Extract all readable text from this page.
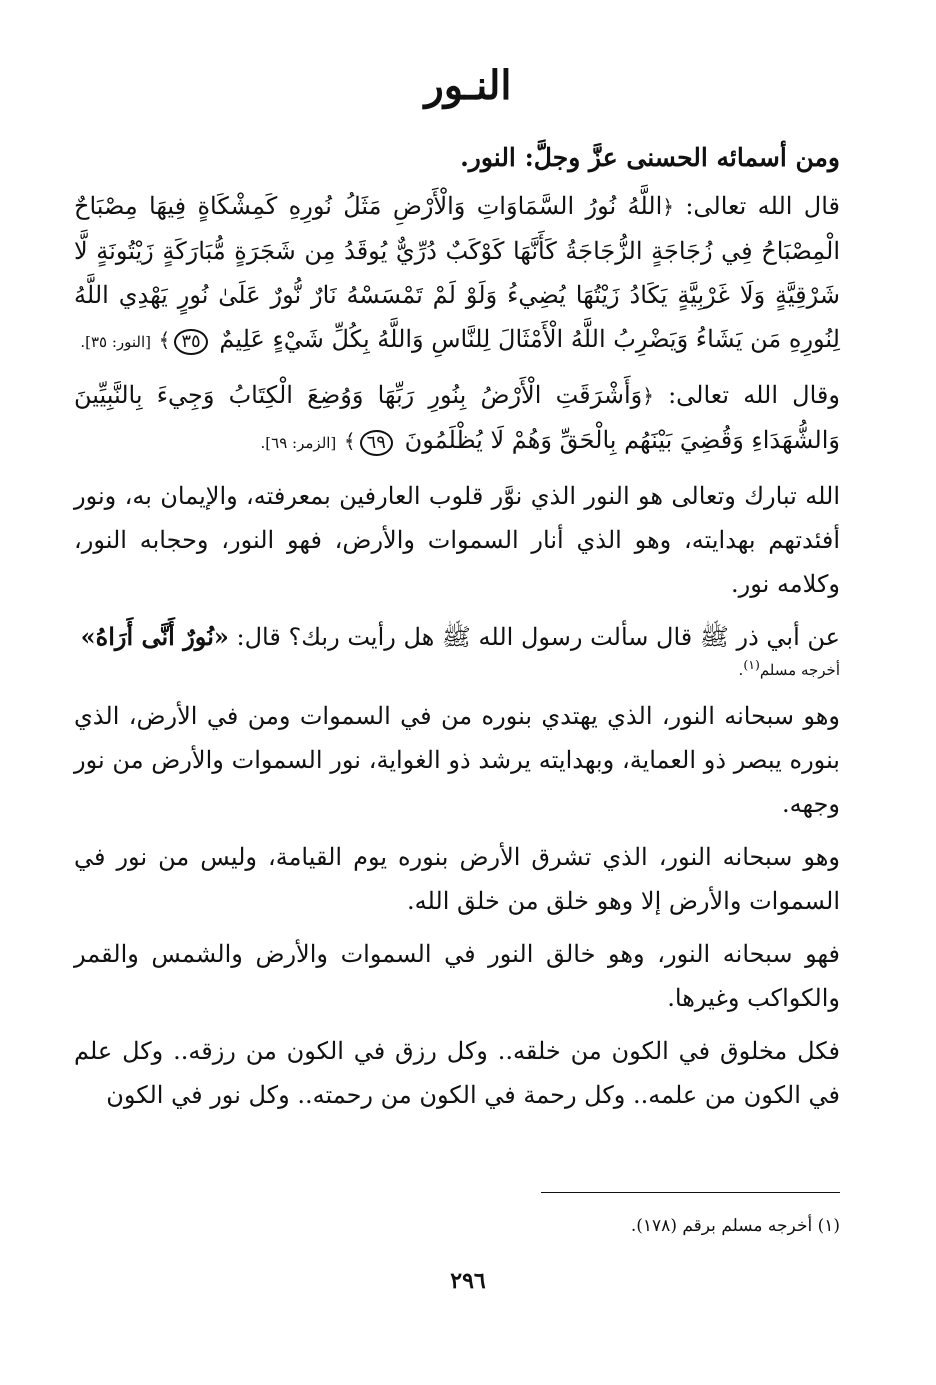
النـور

ومن أسمائه الحسنى عزَّ وجلَّ: النور.

قال الله تعالى: ﴿اللَّهُ نُورُ السَّمَاوَاتِ وَالْأَرْضِ مَثَلُ نُورِهِ كَمِشْكَاةٍ فِيهَا مِصْبَاحٌ الْمِصْبَاحُ فِي زُجَاجَةٍ الزُّجَاجَةُ كَأَنَّهَا كَوْكَبٌ دُرِّيٌّ يُوقَدُ مِن شَجَرَةٍ مُّبَارَكَةٍ زَيْتُونَةٍ لَّا شَرْقِيَّةٍ وَلَا غَرْبِيَّةٍ يَكَادُ زَيْتُهَا يُضِيءُ وَلَوْ لَمْ تَمْسَسْهُ نَارٌ نُّورٌ عَلَىٰ نُورٍ يَهْدِي اللَّهُ لِنُورِهِ مَن يَشَاءُ وَيَضْرِبُ اللَّهُ الْأَمْثَالَ لِلنَّاسِ وَاللَّهُ بِكُلِّ شَيْءٍ عَلِيمٌ ٣٥﴾ [النور: ٣٥].

وقال الله تعالى: ﴿وَأَشْرَقَتِ الْأَرْضُ بِنُورِ رَبِّهَا وَوُضِعَ الْكِتَابُ وَجِيءَ بِالنَّبِيِّينَ وَالشُّهَدَاءِ وَقُضِيَ بَيْنَهُم بِالْحَقِّ وَهُمْ لَا يُظْلَمُونَ ٦٩﴾ [الزمر: ٦٩].

الله تبارك وتعالى هو النور الذي نوَّر قلوب العارفين بمعرفته، والإيمان به، ونور أفئدتهم بهدايته، وهو الذي أنار السموات والأرض، فهو النور، وحجابه النور، وكلامه نور.

عن أبي ذر ﷺ قال سألت رسول الله ﷺ هل رأيت ربك؟ قال: «نُورٌ أَنَّى أَرَاهُ»

أخرجه مسلم$^{(١)}$.

وهو سبحانه النور، الذي يهتدي بنوره من في السموات ومن في الأرض، الذي بنوره يبصر ذو العماية، وبهدايته يرشد ذو الغواية، نور السموات والأرض من نور وجهه.

وهو سبحانه النور، الذي تشرق الأرض بنوره يوم القيامة، وليس من نور في السموات والأرض إلا وهو خلق من خلق الله.

فهو سبحانه النور، وهو خالق النور في السموات والأرض والشمس والقمر والكواكب وغيرها.

فكل مخلوق في الكون من خلقه.. وكل رزق في الكون من رزقه.. وكل علم في الكون من علمه.. وكل رحمة في الكون من رحمته.. وكل نور في الكون

(١) أخرجه مسلم برقم (١٧٨).

٢٩٦
